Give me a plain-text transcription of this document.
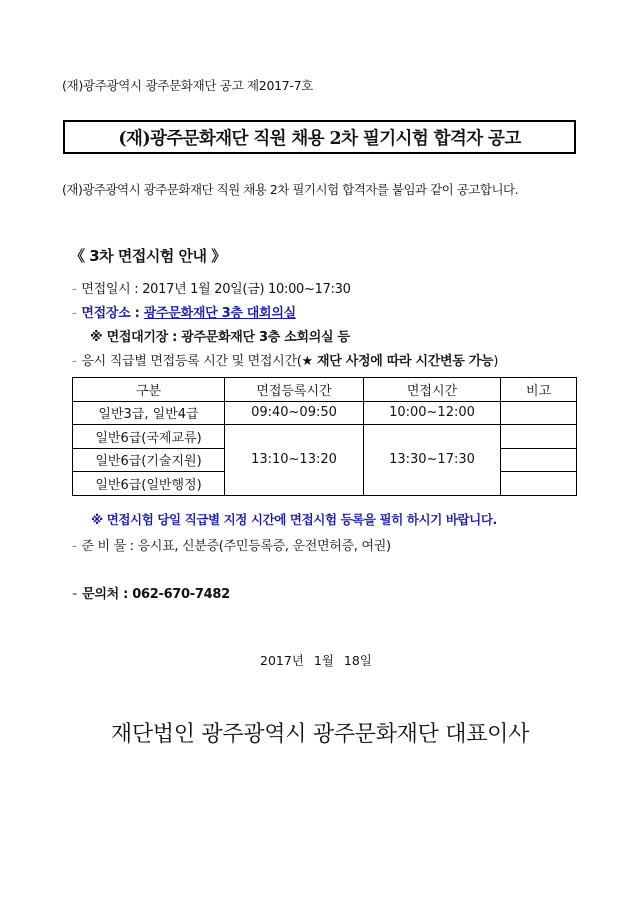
(재)광주광역시 광주문화재단 공고 제2017-7호
(재)광주문화재단 직원 채용 2차 필기시험 합격자 공고
(재)광주광역시 광주문화재단 직원 채용 2차 필기시험 합격자를 붙임과 같이 공고합니다.
《 3차 면접시험 안내 》
- 면접일시 : 2017년 1월 20일(금) 10:00~17:30
- 면접장소 : 광주문화재단 3층 대회의실
※ 면접대기장 : 광주문화재단 3층 소회의실 등
- 응시 직급별 면접등록 시간 및 면접시간(★ 재단 사정에 따라 시간변동 가능)
구분	면접등록시간	면접시간	비고
일반3급, 일반4급	09:40~09:50	10:00~12:00	
일반6급(국제교류)	13:10~13:20	13:30~17:30	
일반6급(기술지원)			
일반6급(일반행정)			
※ 면접시험 당일 직급별 지정 시간에 면접시험 등록을 필히 하시기 바랍니다.
- 준 비 물 : 응시표, 신분증(주민등록증, 운전면허증, 여권)
- 문의처 : 062-670-7482
2017년 1월 18일
재단법인 광주광역시 광주문화재단 대표이사
